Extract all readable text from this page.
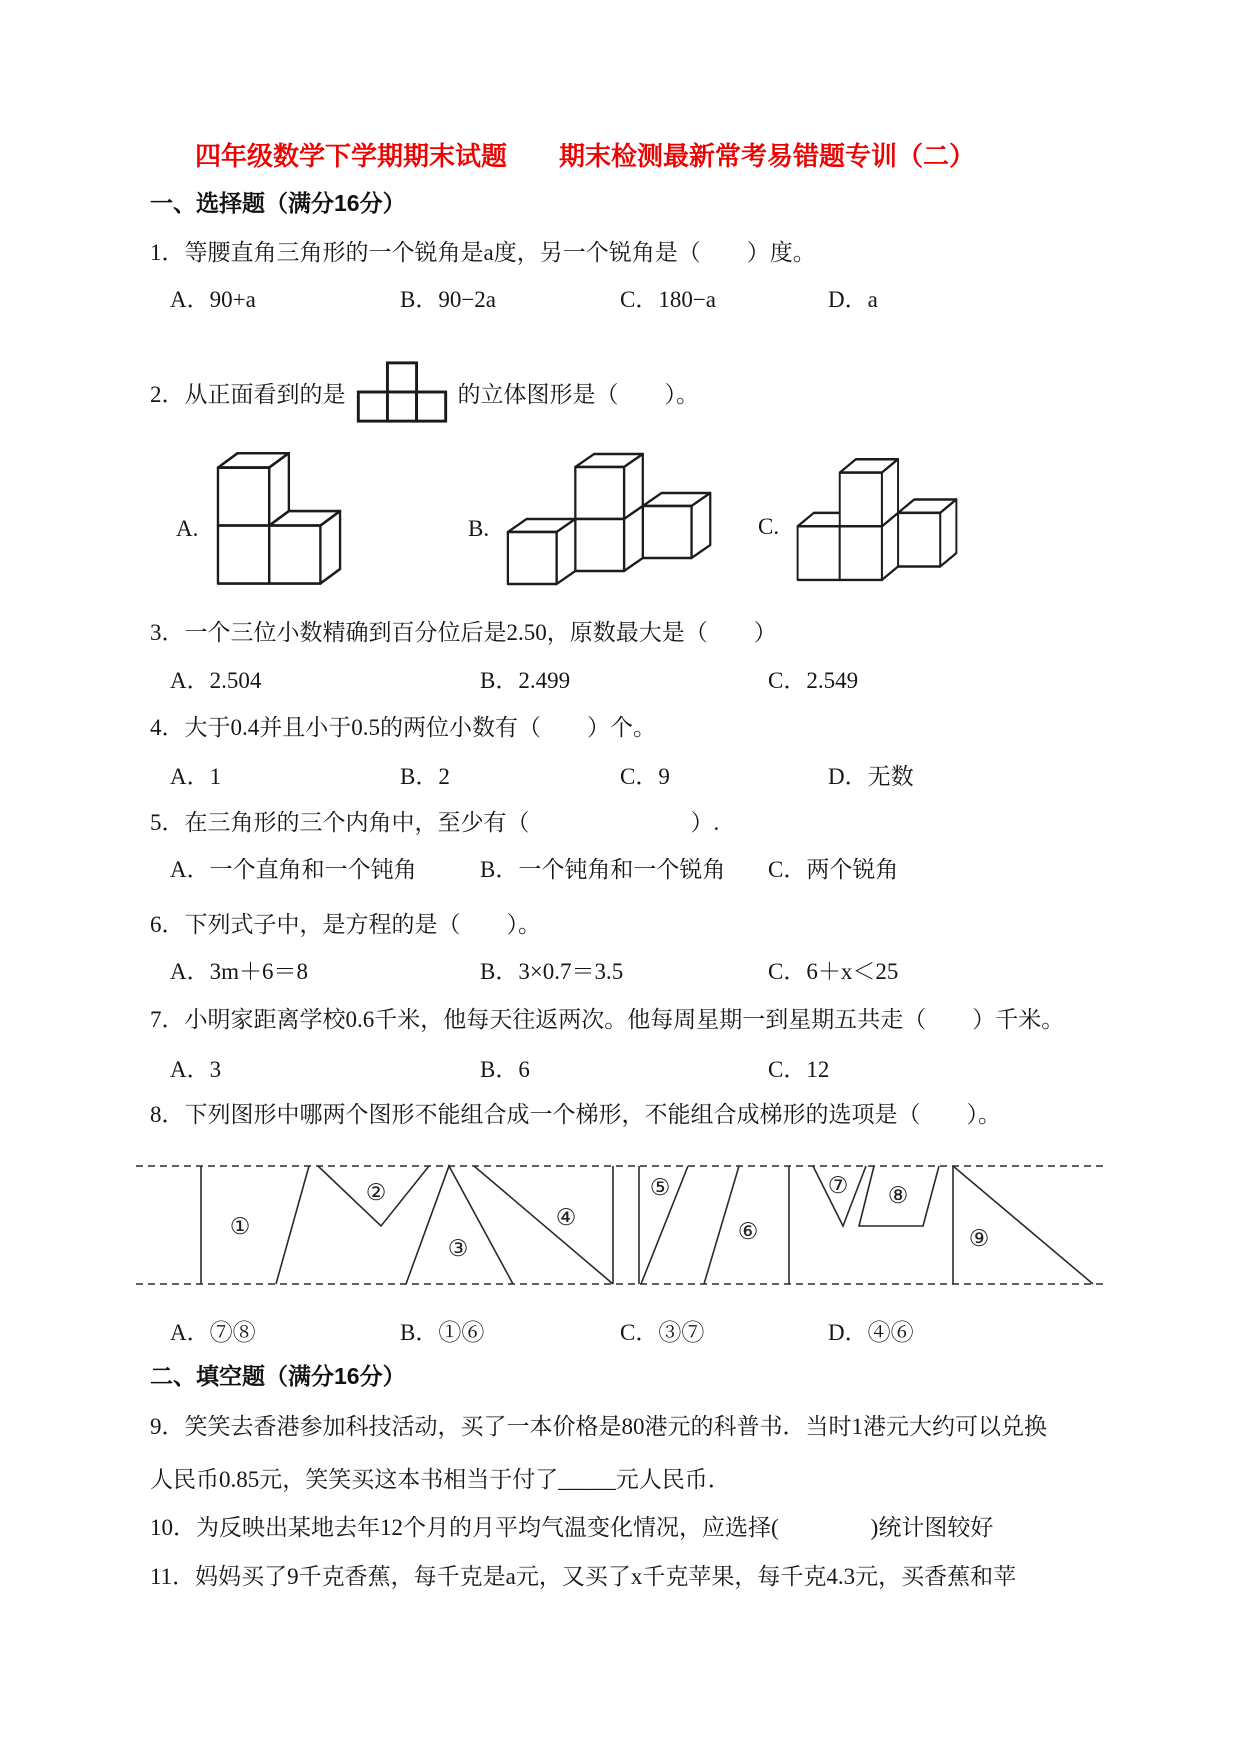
四年级数学下学期期末试题　　期末检测最新常考易错题专训（二）
一、选择题（满分16分）
1．等腰直角三角形的一个锐角是a度，另一个锐角是（　　）度。
A．90+a	B．90−2a	C．180−a	D．a
2．从正面看到的是	的立体图形是（　　）。
A.	B.	C.
3．一个三位小数精确到百分位后是2.50，原数最大是（　　）
A．2.504	B．2.499	C．2.549
4．大于0.4并且小于0.5的两位小数有（　　）个。
A．1	B．2	C．9	D．无数
5．在三角形的三个内角中，至少有（　　　　　　　）.
A．一个直角和一个钝角	B．一个钝角和一个锐角 C．两个锐角
6．下列式子中，是方程的是（　　）。
A．3m＋6＝8	B．3×0.7＝3.5	C．6＋x＜25
7．小明家距离学校0.6千米，他每天往返两次。他每周星期一到星期五共走（　　）千米。
A．3	B．6	C．12
8．下列图形中哪两个图形不能组合成一个梯形，不能组合成梯形的选项是（　　）。
①
②
③
④
⑤
⑥
⑦ ⑧
⑨
A．⑦⑧	B．①⑥	C．③⑦	D．④⑥
二、填空题（满分16分）
9．笑笑去香港参加科技活动，买了一本价格是80港元的科普书．当时1港元大约可以兑换
人民币0.85元，笑笑买这本书相当于付了_____元人民币．
10．为反映出某地去年12个月的月平均气温变化情况，应选择(　　　　)统计图较好
11．妈妈买了9千克香蕉，每千克是a元，又买了x千克苹果，每千克4.3元，买香蕉和苹
